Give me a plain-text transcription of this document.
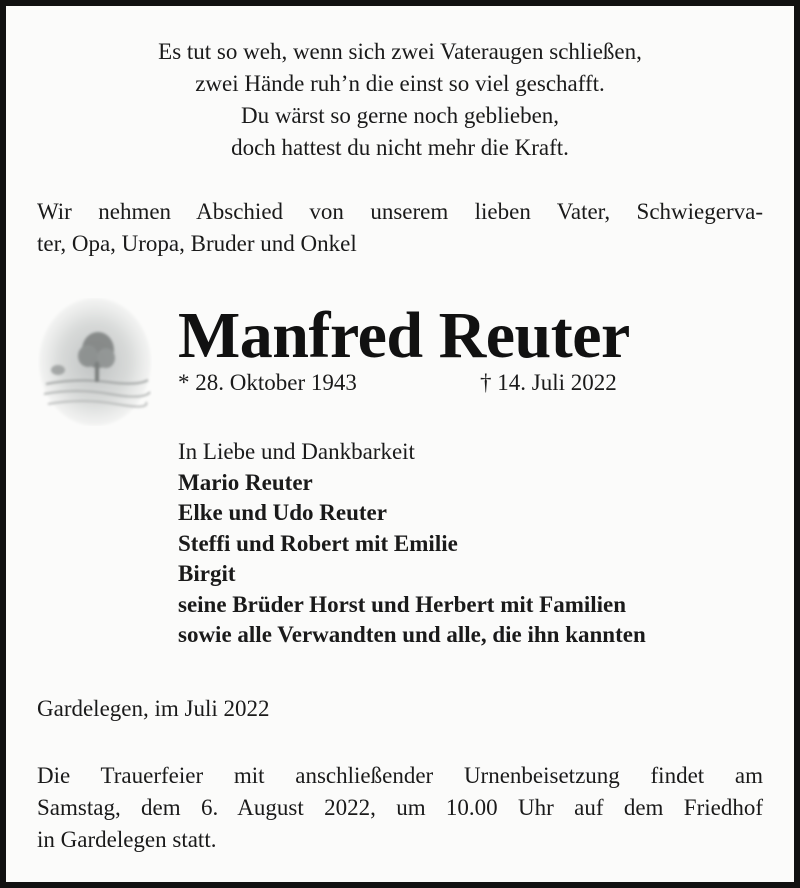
Es tut so weh, wenn sich zwei Vateraugen schließen,
zwei Hände ruh’n die einst so viel geschafft.
Du wärst so gerne noch geblieben,
doch hattest du nicht mehr die Kraft.
Wir nehmen Abschied von unserem lieben Vater, Schwiegerva-
ter, Opa, Uropa, Bruder und Onkel
Manfred Reuter
* 28. Oktober 1943	† 14. Juli 2022
In Liebe und Dankbarkeit
Mario Reuter
Elke und Udo Reuter
Steffi und Robert mit Emilie
Birgit
seine Brüder Horst und Herbert mit Familien
sowie alle Verwandten und alle, die ihn kannten
Gardelegen, im Juli 2022
Die Trauerfeier mit anschließender Urnenbeisetzung findet am
Samstag, dem 6. August 2022, um 10.00 Uhr auf dem Friedhof
in Gardelegen statt.
